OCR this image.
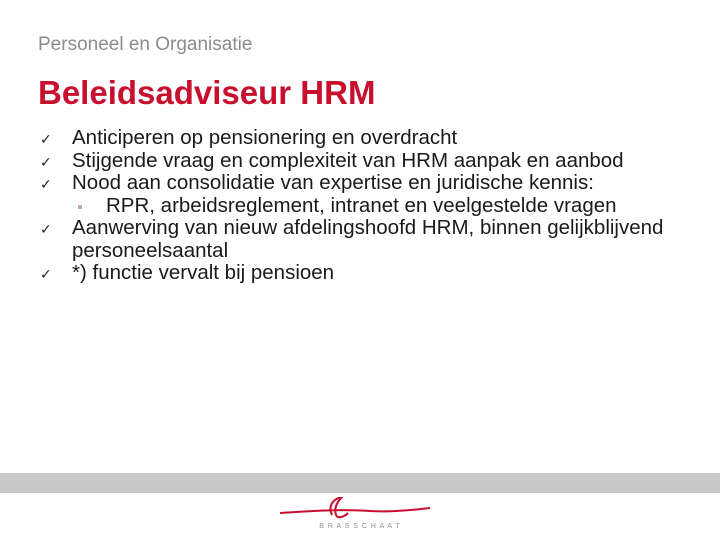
Personeel en Organisatie
Beleidsadviseur HRM
✓ Anticiperen op pensionering en overdracht
✓ Stijgende vraag en complexiteit van HRM aanpak en aanbod
✓ Nood aan consolidatie van expertise en juridische kennis:
RPR, arbeidsreglement, intranet en veelgestelde vragen
✓ Aanwerving van nieuw afdelingshoofd HRM, binnen gelijkblijvend personeelsaantal
✓ *) functie vervalt bij pensioen
B R A S S C H A A T
